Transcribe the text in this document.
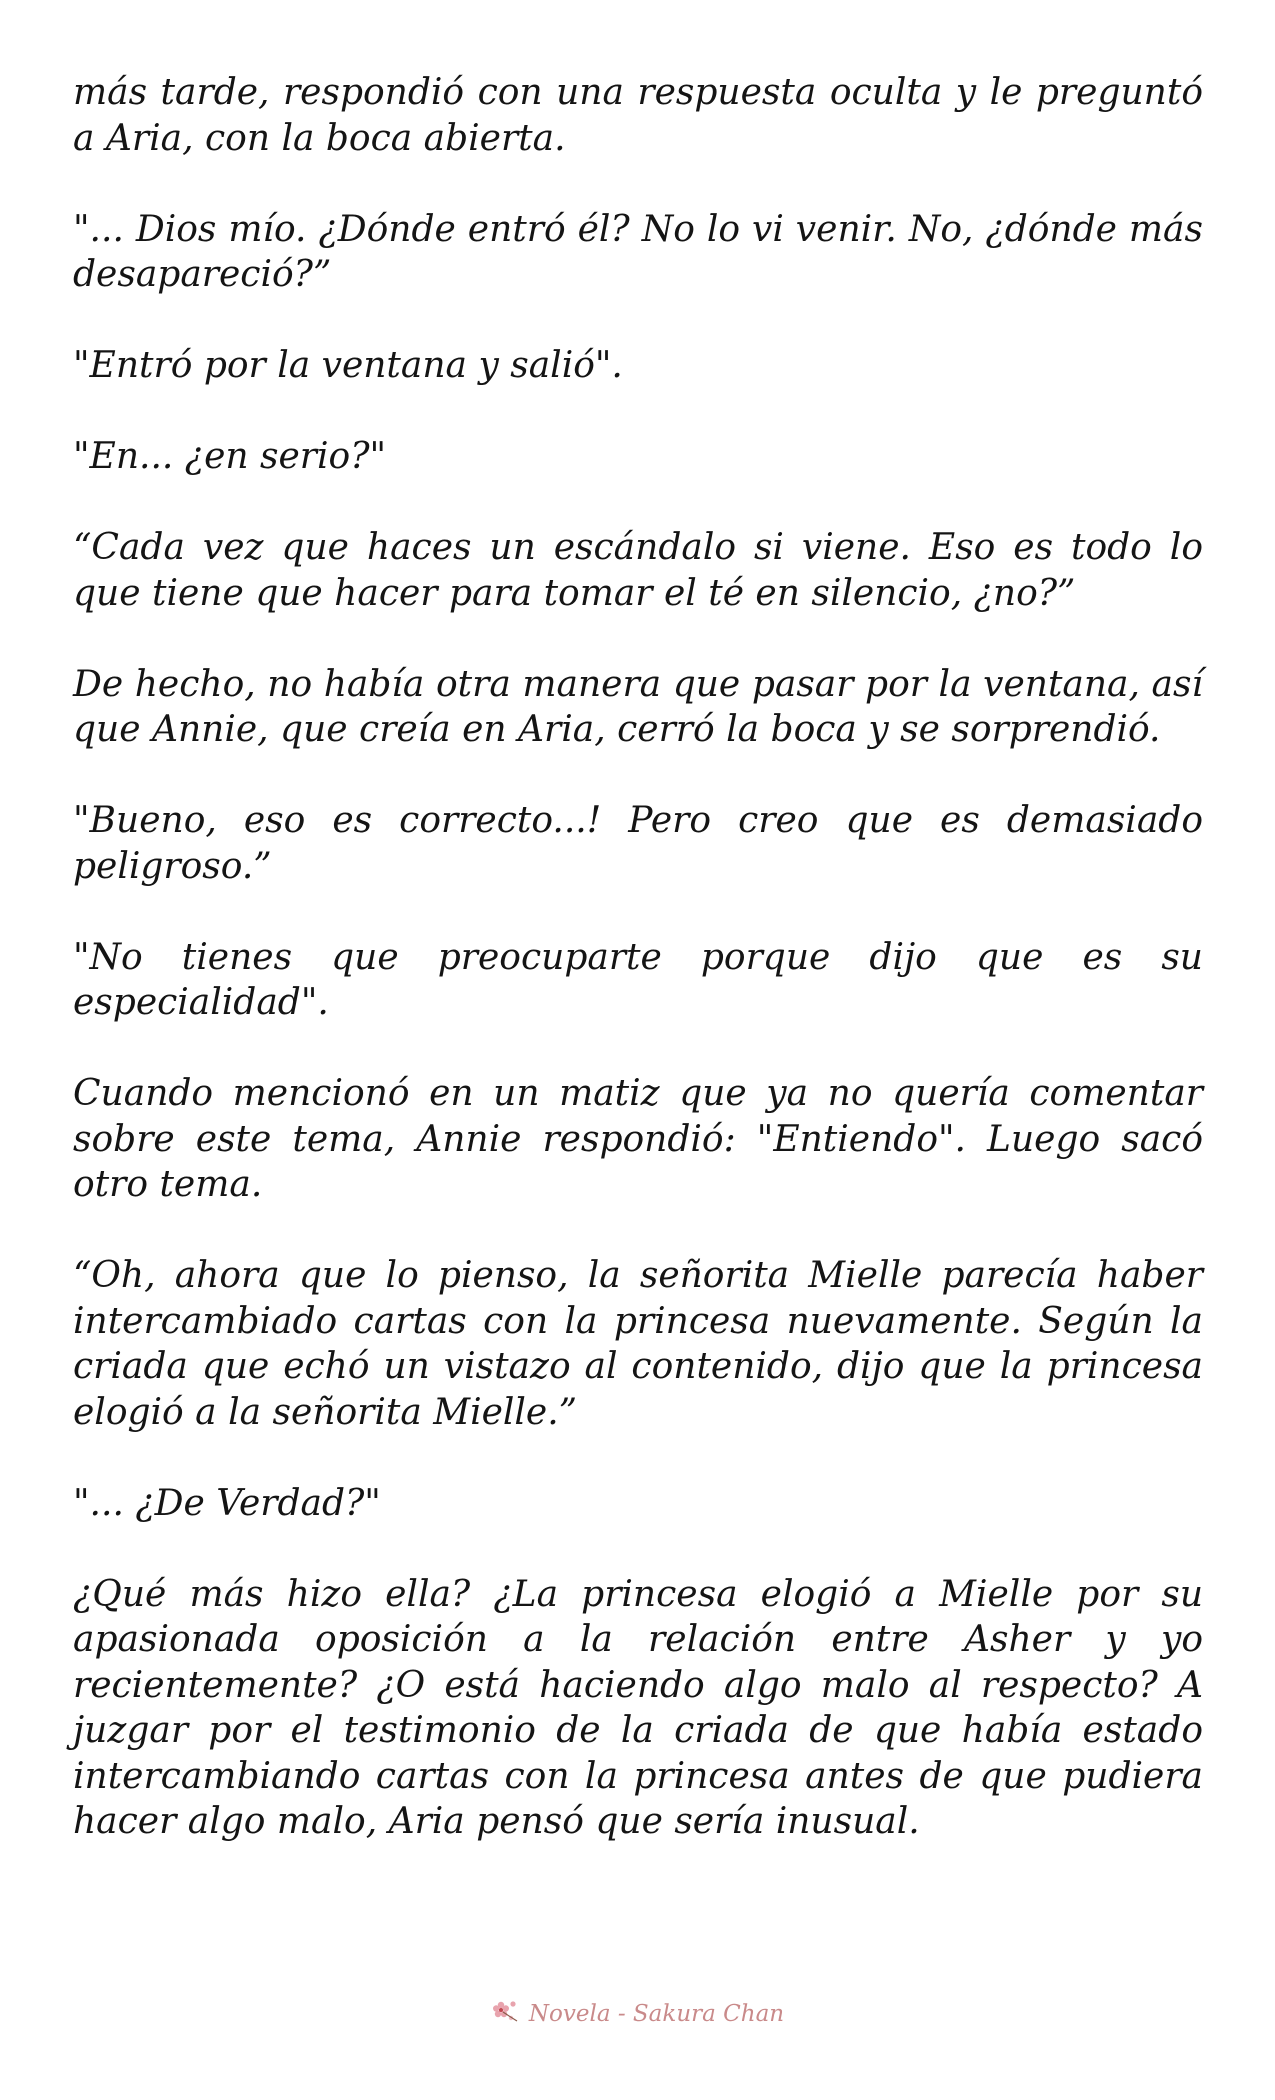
más tarde, respondió con una respuesta oculta y le preguntó a Aria, con la boca abierta.

"... Dios mío. ¿Dónde entró él? No lo vi venir. No, ¿dónde más desapareció?”

"Entró por la ventana y salió".

"En... ¿en serio?"

“Cada vez que haces un escándalo si viene. Eso es todo lo que tiene que hacer para tomar el té en silencio, ¿no?”

De hecho, no había otra manera que pasar por la ventana, así que Annie, que creía en Aria, cerró la boca y se sorprendió.

"Bueno, eso es correcto...! Pero creo que es demasiado peligroso.”

"No tienes que preocuparte porque dijo que es su especialidad".

Cuando mencionó en un matiz que ya no quería comentar sobre este tema, Annie respondió: "Entiendo". Luego sacó otro tema.

“Oh, ahora que lo pienso, la señorita Mielle parecía haber intercambiado cartas con la princesa nuevamente. Según la criada que echó un vistazo al contenido, dijo que la princesa elogió a la señorita Mielle.”

"... ¿De Verdad?"

¿Qué más hizo ella? ¿La princesa elogió a Mielle por su apasionada oposición a la relación entre Asher y yo recientemente? ¿O está haciendo algo malo al respecto? A juzgar por el testimonio de la criada de que había estado intercambiando cartas con la princesa antes de que pudiera hacer algo malo, Aria pensó que sería inusual.

Novela - Sakura Chan
